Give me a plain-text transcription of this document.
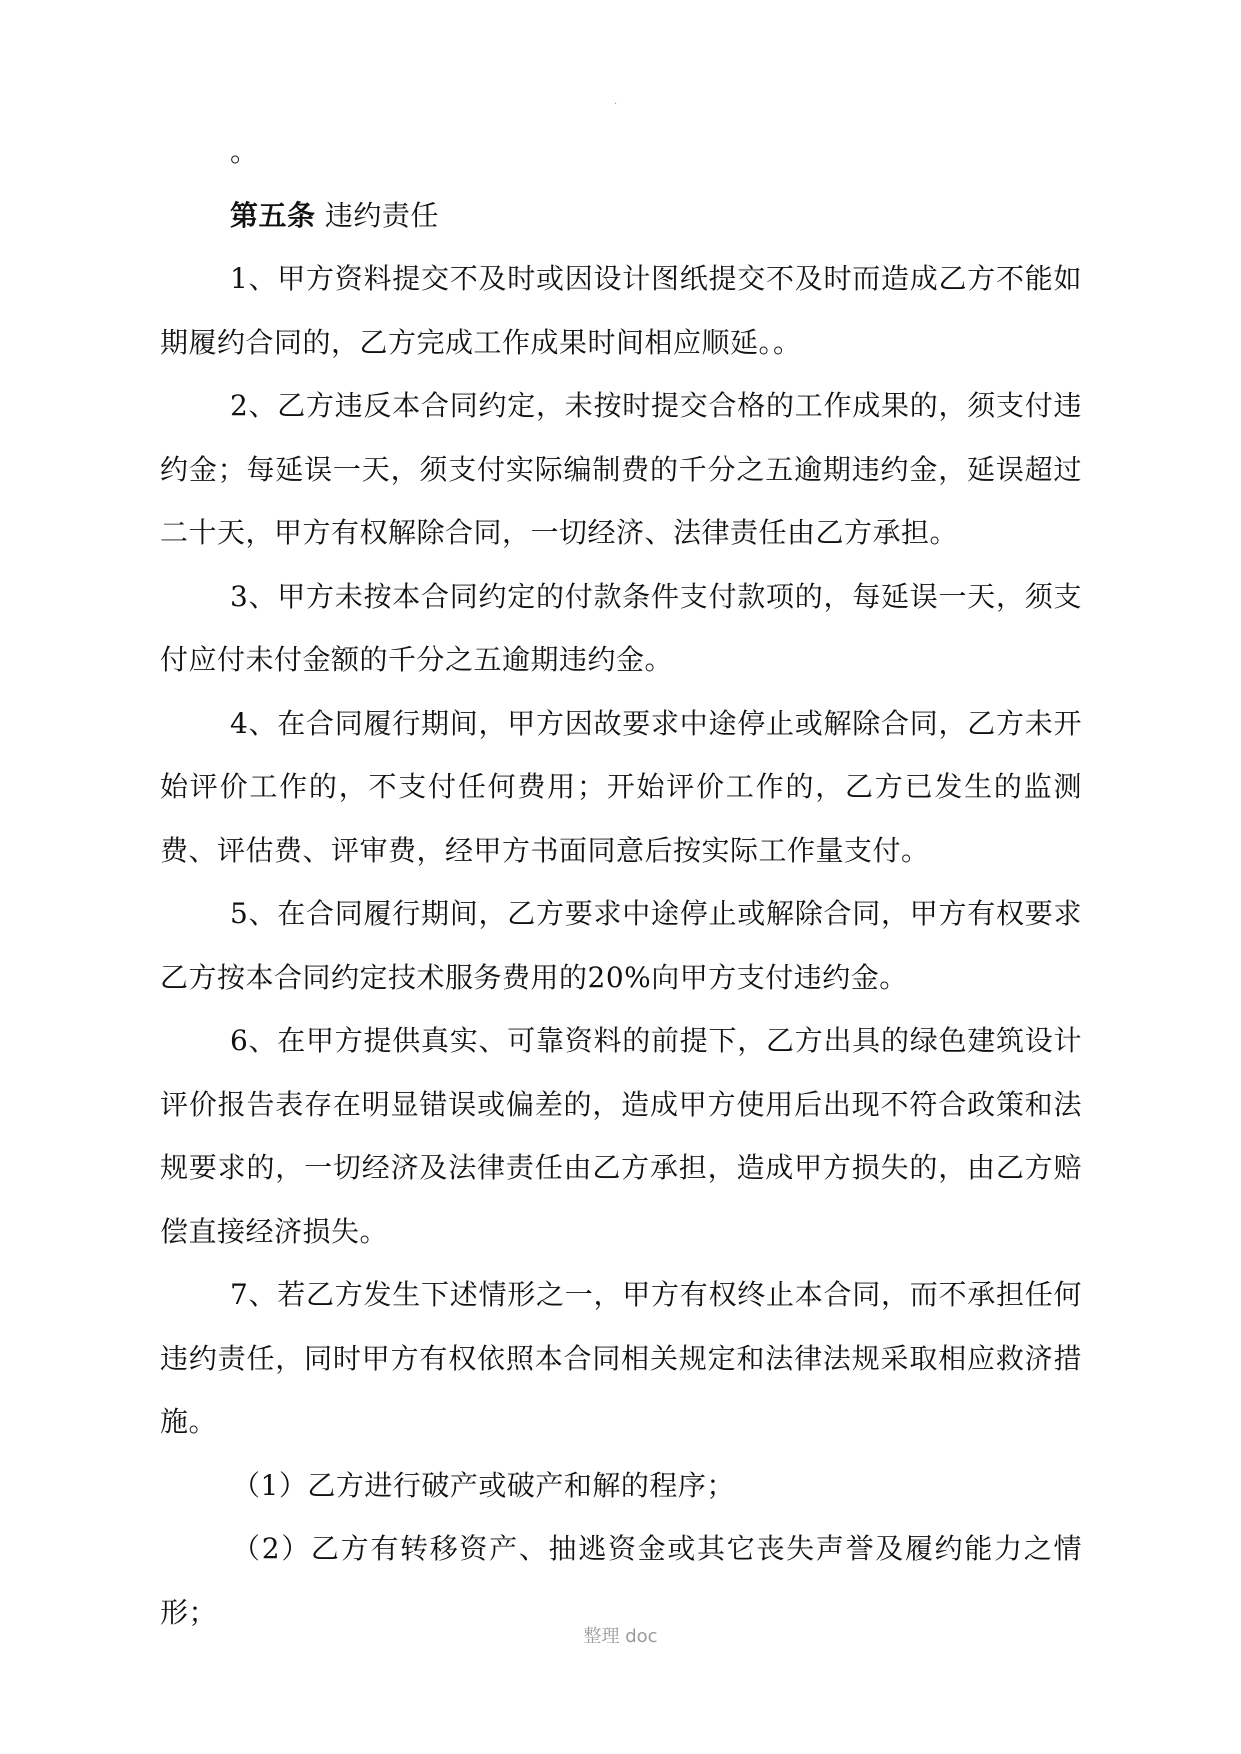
.

。

第五条 违约责任

1、甲方资料提交不及时或因设计图纸提交不及时而造成乙方不能如期履约合同的，乙方完成工作成果时间相应顺延。。

2、乙方违反本合同约定，未按时提交合格的工作成果的，须支付违约金；每延误一天，须支付实际编制费的千分之五逾期违约金，延误超过二十天，甲方有权解除合同，一切经济、法律责任由乙方承担。

3、甲方未按本合同约定的付款条件支付款项的，每延误一天，须支付应付未付金额的千分之五逾期违约金。

4、在合同履行期间，甲方因故要求中途停止或解除合同，乙方未开始评价工作的，不支付任何费用；开始评价工作的，乙方已发生的监测费、评估费、评审费，经甲方书面同意后按实际工作量支付。

5、在合同履行期间，乙方要求中途停止或解除合同，甲方有权要求乙方按本合同约定技术服务费用的20%向甲方支付违约金。

6、在甲方提供真实、可靠资料的前提下，乙方出具的绿色建筑设计评价报告表存在明显错误或偏差的，造成甲方使用后出现不符合政策和法规要求的，一切经济及法律责任由乙方承担，造成甲方损失的，由乙方赔偿直接经济损失。

7、若乙方发生下述情形之一，甲方有权终止本合同，而不承担任何违约责任，同时甲方有权依照本合同相关规定和法律法规采取相应救济措施。

（1）乙方进行破产或破产和解的程序；

（2）乙方有转移资产、抽逃资金或其它丧失声誉及履约能力之情形；

整理 doc
